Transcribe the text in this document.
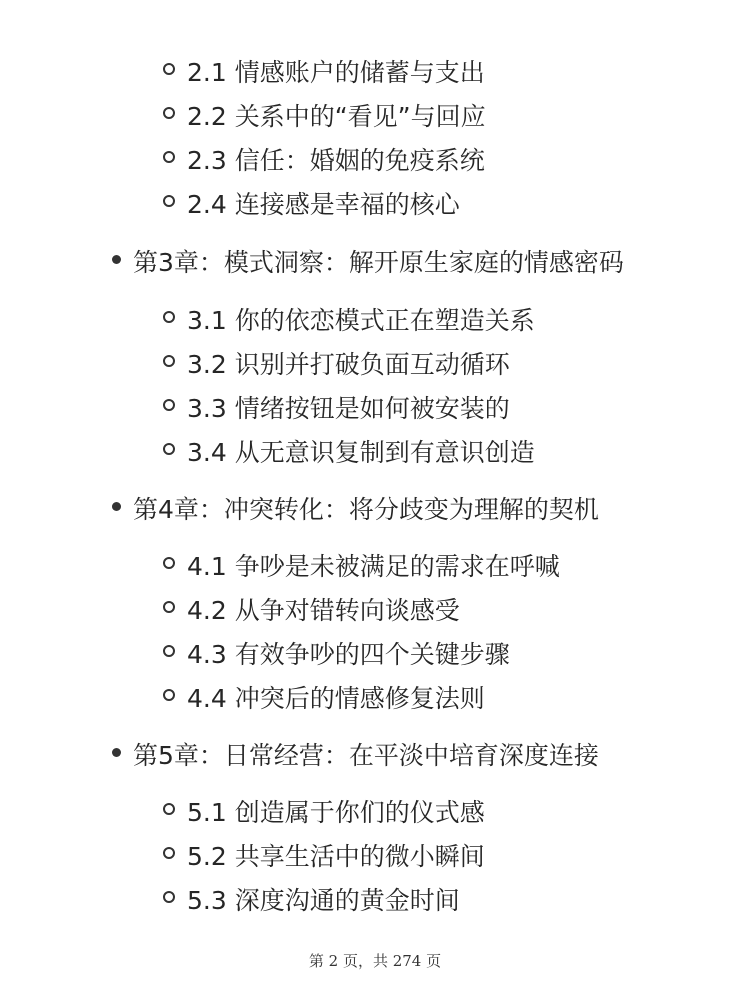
2.1 情感账户的储蓄与支出
2.2 关系中的“看见”与回应
2.3 信任：婚姻的免疫系统
2.4 连接感是幸福的核心
第3章：模式洞察：解开原生家庭的情感密码
3.1 你的依恋模式正在塑造关系
3.2 识别并打破负面互动循环
3.3 情绪按钮是如何被安装的
3.4 从无意识复制到有意识创造
第4章：冲突转化：将分歧变为理解的契机
4.1 争吵是未被满足的需求在呼喊
4.2 从争对错转向谈感受
4.3 有效争吵的四个关键步骤
4.4 冲突后的情感修复法则
第5章：日常经营：在平淡中培育深度连接
5.1 创造属于你们的仪式感
5.2 共享生活中的微小瞬间
5.3 深度沟通的黄金时间
第 2 页，共 274 页
